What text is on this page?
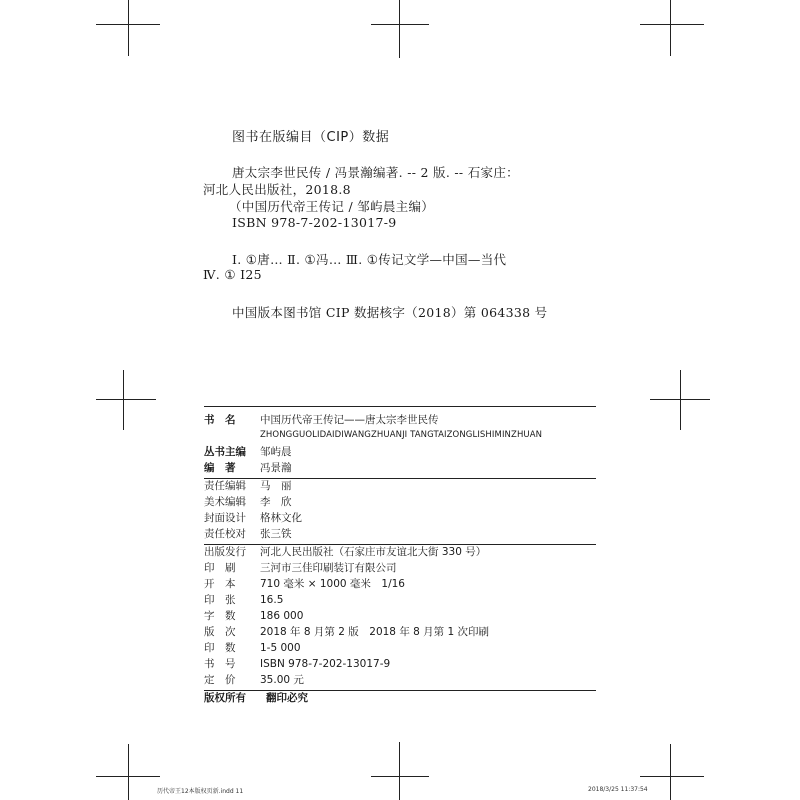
图书在版编目（CIP）数据
唐太宗李世民传 / 冯景瀚编著. -- 2 版. -- 石家庄：
河北人民出版社，2018.8
（中国历代帝王传记 / 邹屿晨主编）
ISBN 978-7-202-13017-9
Ⅰ. ①唐… Ⅱ. ①冯… Ⅲ. ①传记文学—中国—当代
Ⅳ. ① I25
中国版本图书馆 CIP 数据核字（2018）第 064338 号
书　名	中国历代帝王传记——唐太宗李世民传
ZHONGGUOLIDAIDIWANGZHUANJI TANGTAIZONGLISHIMINZHUAN
丛书主编	邹屿晨
编　著	冯景瀚
责任编辑	马　丽
美术编辑	李　欣
封面设计	格林文化
责任校对	张三铁
出版发行	河北人民出版社（石家庄市友谊北大街 330 号）
印　刷	三河市三佳印刷装订有限公司
开　本	710 毫米 × 1000 毫米　1/16
印　张	16.5
字　数	186 000
版　次	2018 年 8 月第 2 版　2018 年 8 月第 1 次印刷
印　数	1-5 000
书　号	ISBN 978-7-202-13017-9
定　价	35.00 元
版权所有	翻印必究
历代帝王12本版权页新.indd 11	2018/3/25 11:37:54
